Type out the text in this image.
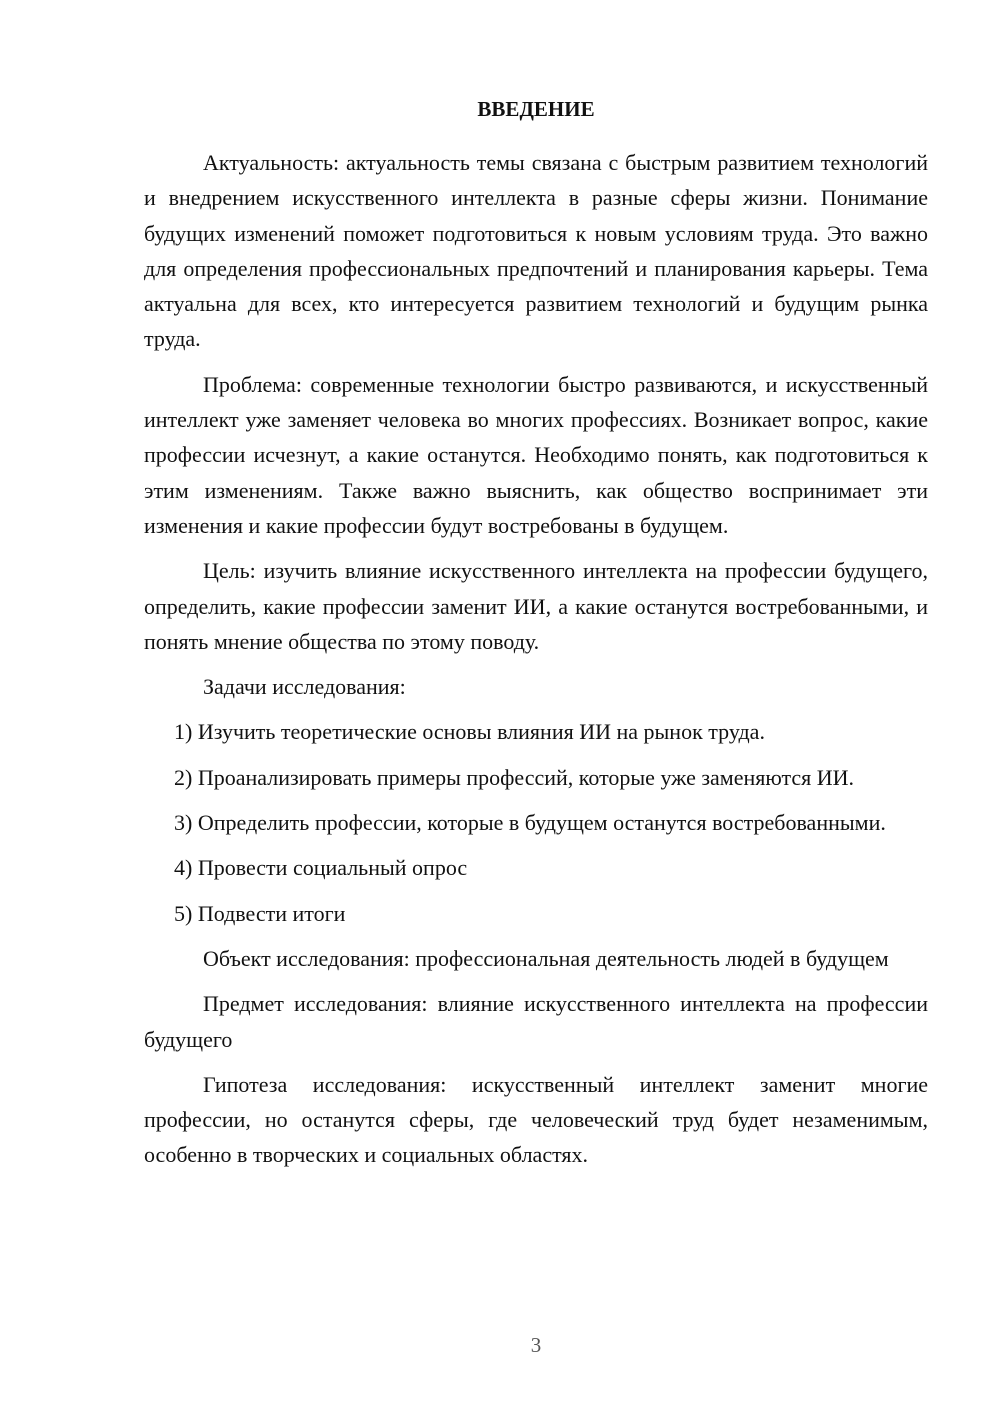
ВВЕДЕНИЕ

Актуальность: актуальность темы связана с быстрым развитием технологий и внедрением искусственного интеллекта в разные сферы жизни. Понимание будущих изменений поможет подготовиться к новым условиям труда. Это важно для определения профессиональных предпочтений и планирования карьеры. Тема актуальна для всех, кто интересуется развитием технологий и будущим рынка труда.

Проблема: современные технологии быстро развиваются, и искусственный интеллект уже заменяет человека во многих профессиях. Возникает вопрос, какие профессии исчезнут, а какие останутся. Необходимо понять, как подготовиться к этим изменениям. Также важно выяснить, как общество воспринимает эти изменения и какие профессии будут востребованы в будущем.

Цель: изучить влияние искусственного интеллекта на профессии будущего, определить, какие профессии заменит ИИ, а какие останутся востребованными, и понять мнение общества по этому поводу.

Задачи исследования:

1) Изучить теоретические основы влияния ИИ на рынок труда.

2) Проанализировать примеры профессий, которые уже заменяются ИИ.

3) Определить профессии, которые в будущем останутся востребованными.

4) Провести социальный опрос

5) Подвести итоги

Объект исследования: профессиональная деятельность людей в будущем

Предмет исследования: влияние искусственного интеллекта на профессии будущего

Гипотеза исследования: искусственный интеллект заменит многие профессии, но останутся сферы, где человеческий труд будет незаменимым, особенно в творческих и социальных областях.

3
